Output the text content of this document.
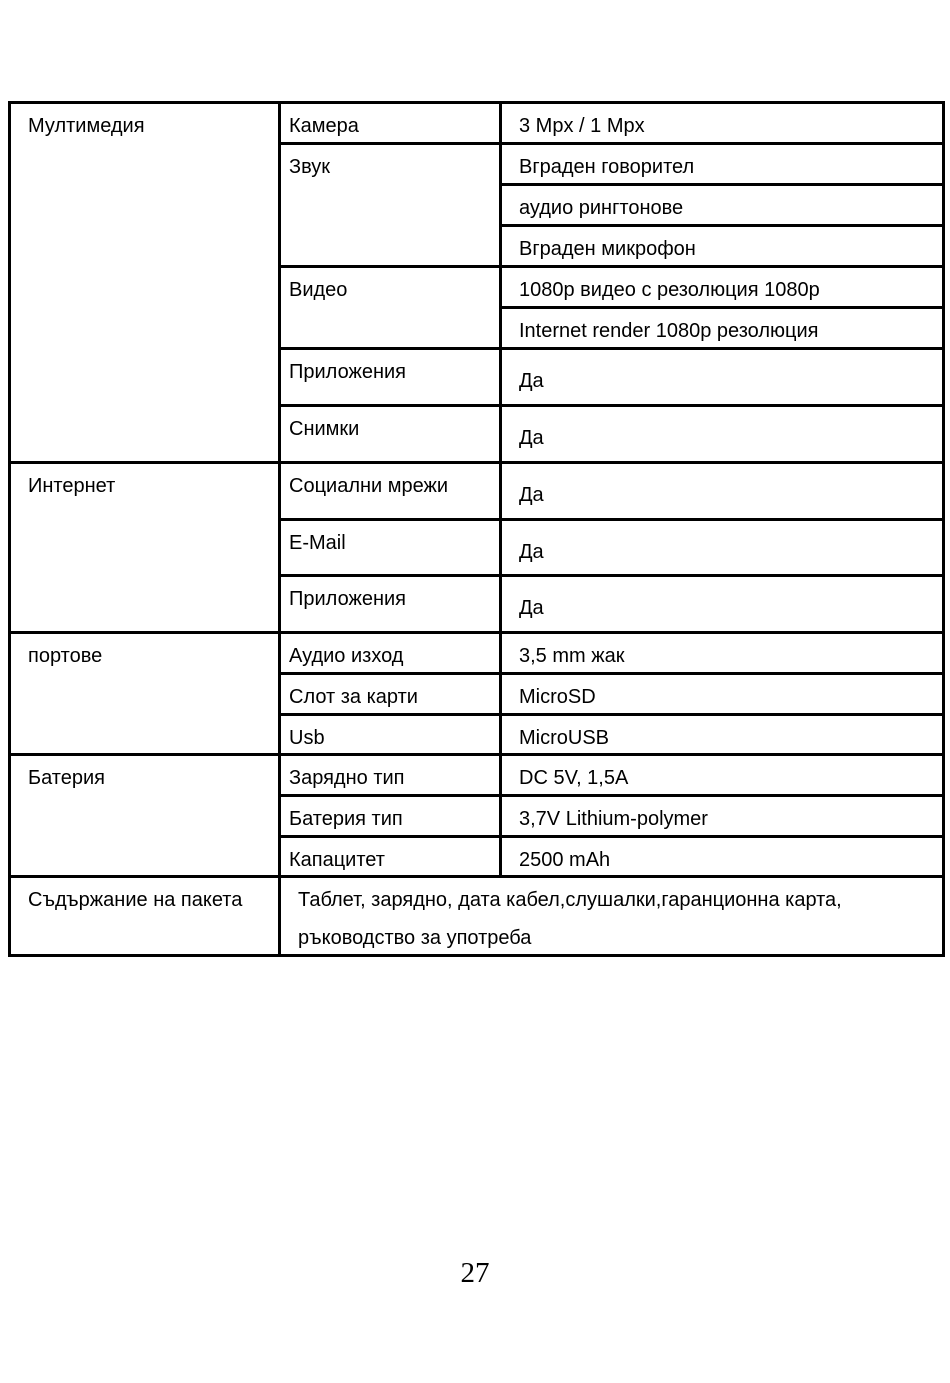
Мултимедия
Интернет
портове
Батерия
Съдържание на пакета
Камера
Звук
Видео
Приложения
Снимки
Социални мрежи
E-Mail
Приложения
Аудио изход
Слот за карти
Usb
Зарядно тип
Батерия тип
Капацитет
3 Mpx / 1 Mpx
Вграден говорител
аудио рингтонове
Вграден микрофон
1080p видео с резолюция 1080p
Internet render 1080p резолюция
Да
Да
Да
Да
Да
3,5 mm жак
MicroSD
MicroUSB
DC 5V, 1,5A
3,7V Lithium-polymer
2500 mAh
Таблет, зарядно, дата кабел,слушалки,гаранционна карта, ръководство за употреба
27
